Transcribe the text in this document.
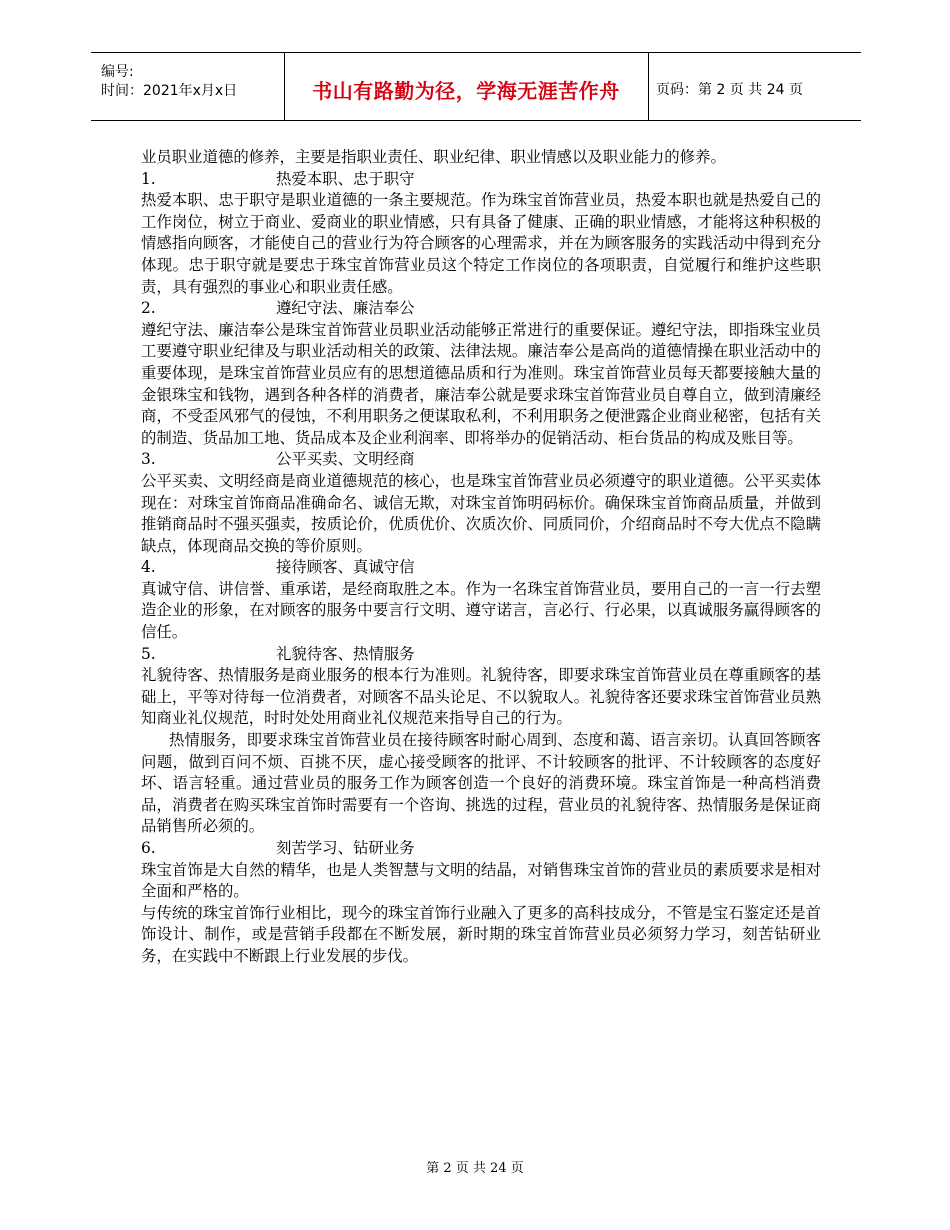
编号:
时间：2021年x月x日	书山有路勤为径，学海无涯苦作舟	页码：第 2 页 共 24 页

业员职业道德的修养，主要是指职业责任、职业纪律、职业情感以及职业能力的修养。

1.	热爱本职、忠于职守

热爱本职、忠于职守是职业道德的一条主要规范。作为珠宝首饰营业员，热爱本职也就是热爱自己的工作岗位，树立于商业、爱商业的职业情感，只有具备了健康、正确的职业情感，才能将这种积极的情感指向顾客，才能使自己的营业行为符合顾客的心理需求，并在为顾客服务的实践活动中得到充分体现。忠于职守就是要忠于珠宝首饰营业员这个特定工作岗位的各项职责，自觉履行和维护这些职责，具有强烈的事业心和职业责任感。

2.	遵纪守法、廉洁奉公

遵纪守法、廉洁奉公是珠宝首饰营业员职业活动能够正常进行的重要保证。遵纪守法，即指珠宝业员工要遵守职业纪律及与职业活动相关的政策、法律法规。廉洁奉公是高尚的道德情操在职业活动中的重要体现，是珠宝首饰营业员应有的思想道德品质和行为准则。珠宝首饰营业员每天都要接触大量的金银珠宝和钱物，遇到各种各样的消费者，廉洁奉公就是要求珠宝首饰营业员自尊自立，做到清廉经商，不受歪风邪气的侵蚀，不利用职务之便谋取私利，不利用职务之便泄露企业商业秘密，包括有关的制造、货品加工地、货品成本及企业利润率、即将举办的促销活动、柜台货品的构成及账目等。

3.	公平买卖、文明经商

公平买卖、文明经商是商业道德规范的核心，也是珠宝首饰营业员必须遵守的职业道德。公平买卖体现在：对珠宝首饰商品准确命名、诚信无欺，对珠宝首饰明码标价。确保珠宝首饰商品质量，并做到推销商品时不强买强卖，按质论价，优质优价、次质次价、同质同价，介绍商品时不夸大优点不隐瞒缺点，体现商品交换的等价原则。

4.	接待顾客、真诚守信

真诚守信、讲信誉、重承诺，是经商取胜之本。作为一名珠宝首饰营业员，要用自己的一言一行去塑造企业的形象，在对顾客的服务中要言行文明、遵守诺言，言必行、行必果，以真诚服务赢得顾客的信任。

5.	礼貌待客、热情服务

礼貌待客、热情服务是商业服务的根本行为准则。礼貌待客，即要求珠宝首饰营业员在尊重顾客的基础上，平等对待每一位消费者，对顾客不品头论足、不以貌取人。礼貌待客还要求珠宝首饰营业员熟知商业礼仪规范，时时处处用商业礼仪规范来指导自己的行为。

热情服务，即要求珠宝首饰营业员在接待顾客时耐心周到、态度和蔼、语言亲切。认真回答顾客问题，做到百问不烦、百挑不厌，虚心接受顾客的批评、不计较顾客的批评、不计较顾客的态度好坏、语言轻重。通过营业员的服务工作为顾客创造一个良好的消费环境。珠宝首饰是一种高档消费品，消费者在购买珠宝首饰时需要有一个咨询、挑选的过程，营业员的礼貌待客、热情服务是保证商品销售所必须的。

6.	刻苦学习、钻研业务

珠宝首饰是大自然的精华，也是人类智慧与文明的结晶，对销售珠宝首饰的营业员的素质要求是相对全面和严格的。

与传统的珠宝首饰行业相比，现今的珠宝首饰行业融入了更多的高科技成分，不管是宝石鉴定还是首饰设计、制作，或是营销手段都在不断发展，新时期的珠宝首饰营业员必须努力学习，刻苦钻研业务，在实践中不断跟上行业发展的步伐。

第 2 页 共 24 页
